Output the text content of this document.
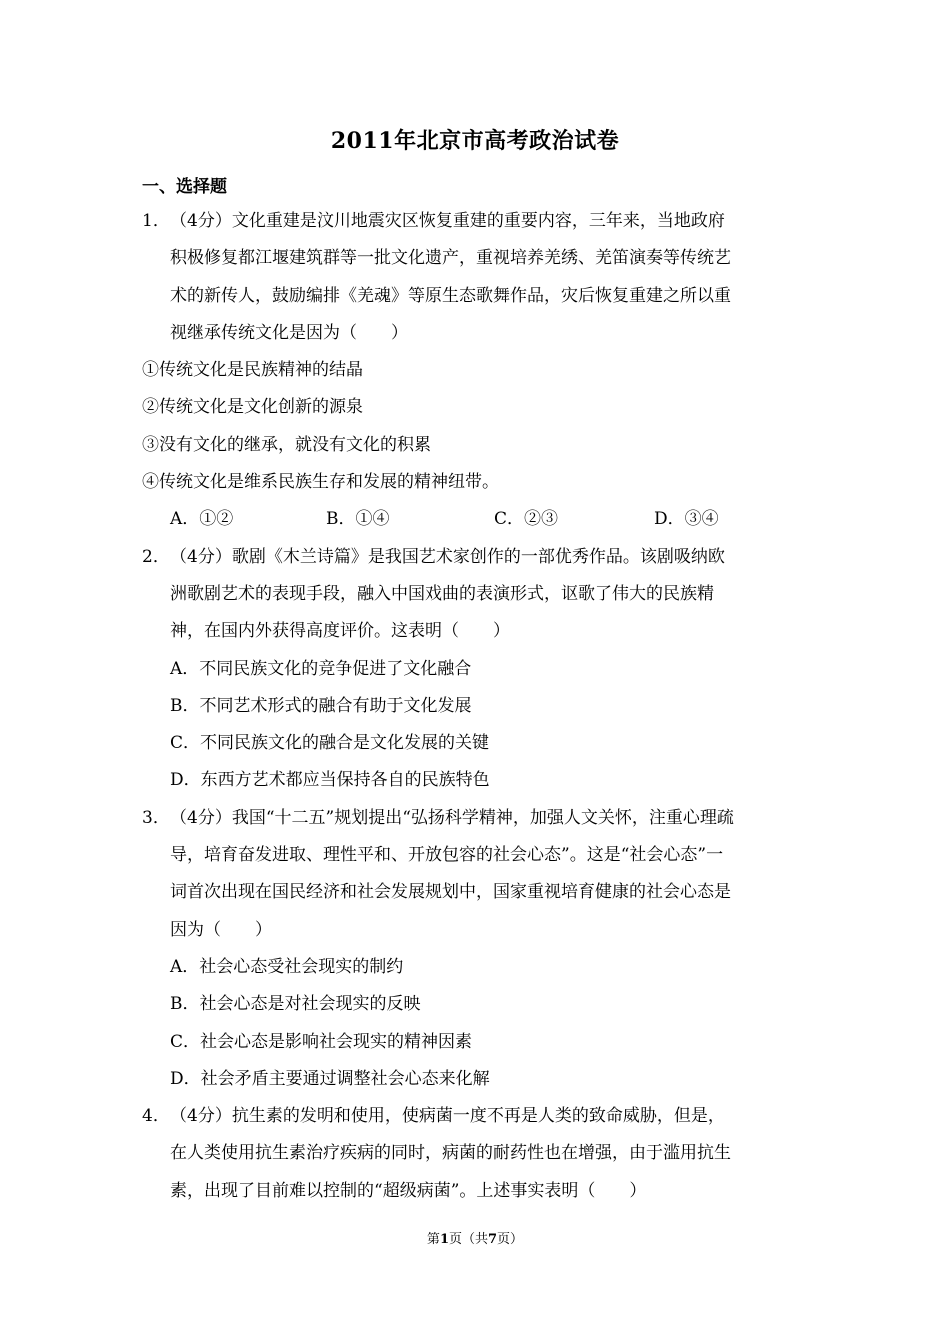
2011年北京市高考政治试卷
一、选择题
1． （4分）文化重建是汶川地震灾区恢复重建的重要内容，三年来，当地政府
积极修复都江堰建筑群等一批文化遗产，重视培养羌绣、羌笛演奏等传统艺
术的新传人，鼓励编排《羌魂》等原生态歌舞作品，灾后恢复重建之所以重
视继承传统文化是因为（　　）
①传统文化是民族精神的结晶
②传统文化是文化创新的源泉
③没有文化的继承，就没有文化的积累
④传统文化是维系民族生存和发展的精神纽带。
A．①②	B．①④	C．②③	D．③④
2． （4分）歌剧《木兰诗篇》是我国艺术家创作的一部优秀作品。该剧吸纳欧
洲歌剧艺术的表现手段，融入中国戏曲的表演形式，讴歌了伟大的民族精
神，在国内外获得高度评价。这表明（　　）
A．不同民族文化的竞争促进了文化融合
B．不同艺术形式的融合有助于文化发展
C．不同民族文化的融合是文化发展的关键
D．东西方艺术都应当保持各自的民族特色
3． （4分）我国“十二五”规划提出“弘扬科学精神，加强人文关怀，注重心理疏
导，培育奋发进取、理性平和、开放包容的社会心态”。这是“社会心态”一
词首次出现在国民经济和社会发展规划中，国家重视培育健康的社会心态是
因为（　　）
A．社会心态受社会现实的制约
B．社会心态是对社会现实的反映
C．社会心态是影响社会现实的精神因素
D．社会矛盾主要通过调整社会心态来化解
4． （4分）抗生素的发明和使用，使病菌一度不再是人类的致命威胁，但是，
在人类使用抗生素治疗疾病的同时，病菌的耐药性也在增强，由于滥用抗生
素，出现了目前难以控制的“超级病菌”。上述事实表明（　　）
第1页（共7页）
